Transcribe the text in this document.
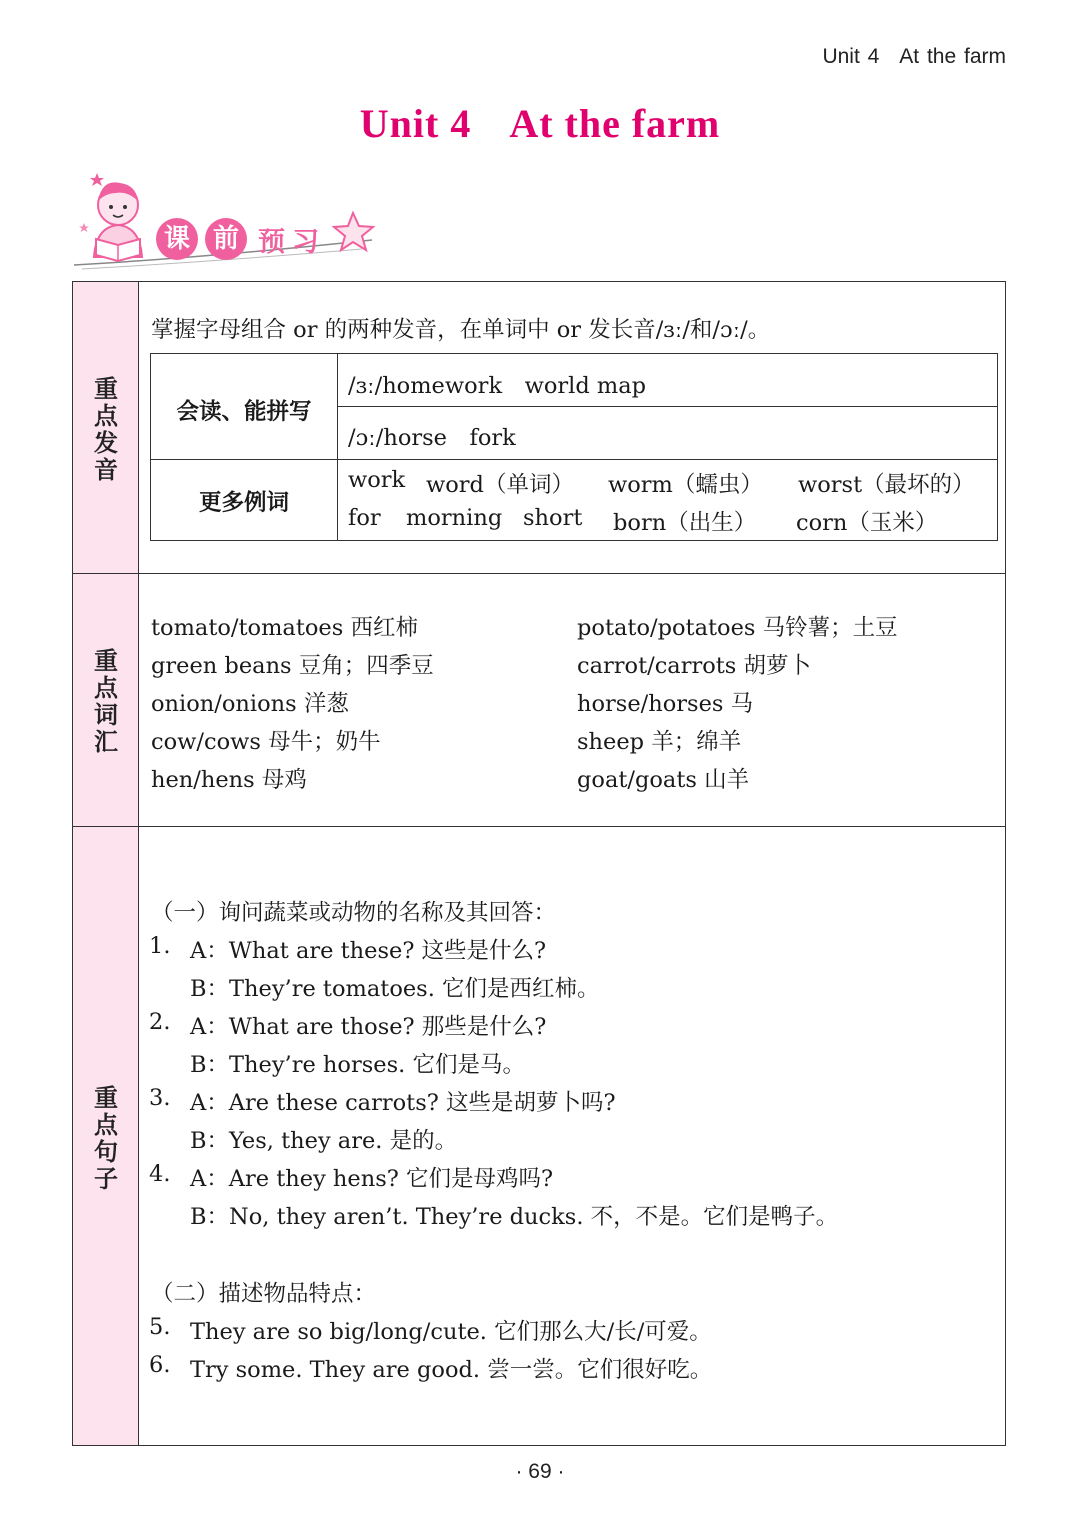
Unit 4 At the farm
Unit 4 At the farm
课 前 预 习
重
点
发
音
重
点
词
汇
重
点
句
子
掌握字母组合 or 的两种发音，在单词中 or 发长音/ɜː/和/ɔː/。
会读、能拼写
/ɜː/homework　world map
/ɔː/horse　fork
更多例词
work word（单词） worm（蠕虫） worst（最坏的）
for morning short born（出生） corn（玉米）
tomato/tomatoes 西红柿
green beans 豆角；四季豆
onion/onions 洋葱
cow/cows 母牛；奶牛
hen/hens 母鸡
potato/potatoes 马铃薯；土豆
carrot/carrots 胡萝卜
horse/horses 马
sheep 羊；绵羊
goat/goats 山羊
（一）询问蔬菜或动物的名称及其回答：
1. A：What are these? 这些是什么?
B：They’re tomatoes. 它们是西红柿。
2. A：What are those? 那些是什么?
B：They’re horses. 它们是马。
3. A：Are these carrots? 这些是胡萝卜吗?
B：Yes, they are. 是的。
4. A：Are they hens? 它们是母鸡吗?
B：No, they aren’t. They’re ducks. 不，不是。它们是鸭子。
（二）描述物品特点：
5. They are so big/long/cute. 它们那么大/长/可爱。
6. Try some. They are good. 尝一尝。它们很好吃。
· 69 ·
